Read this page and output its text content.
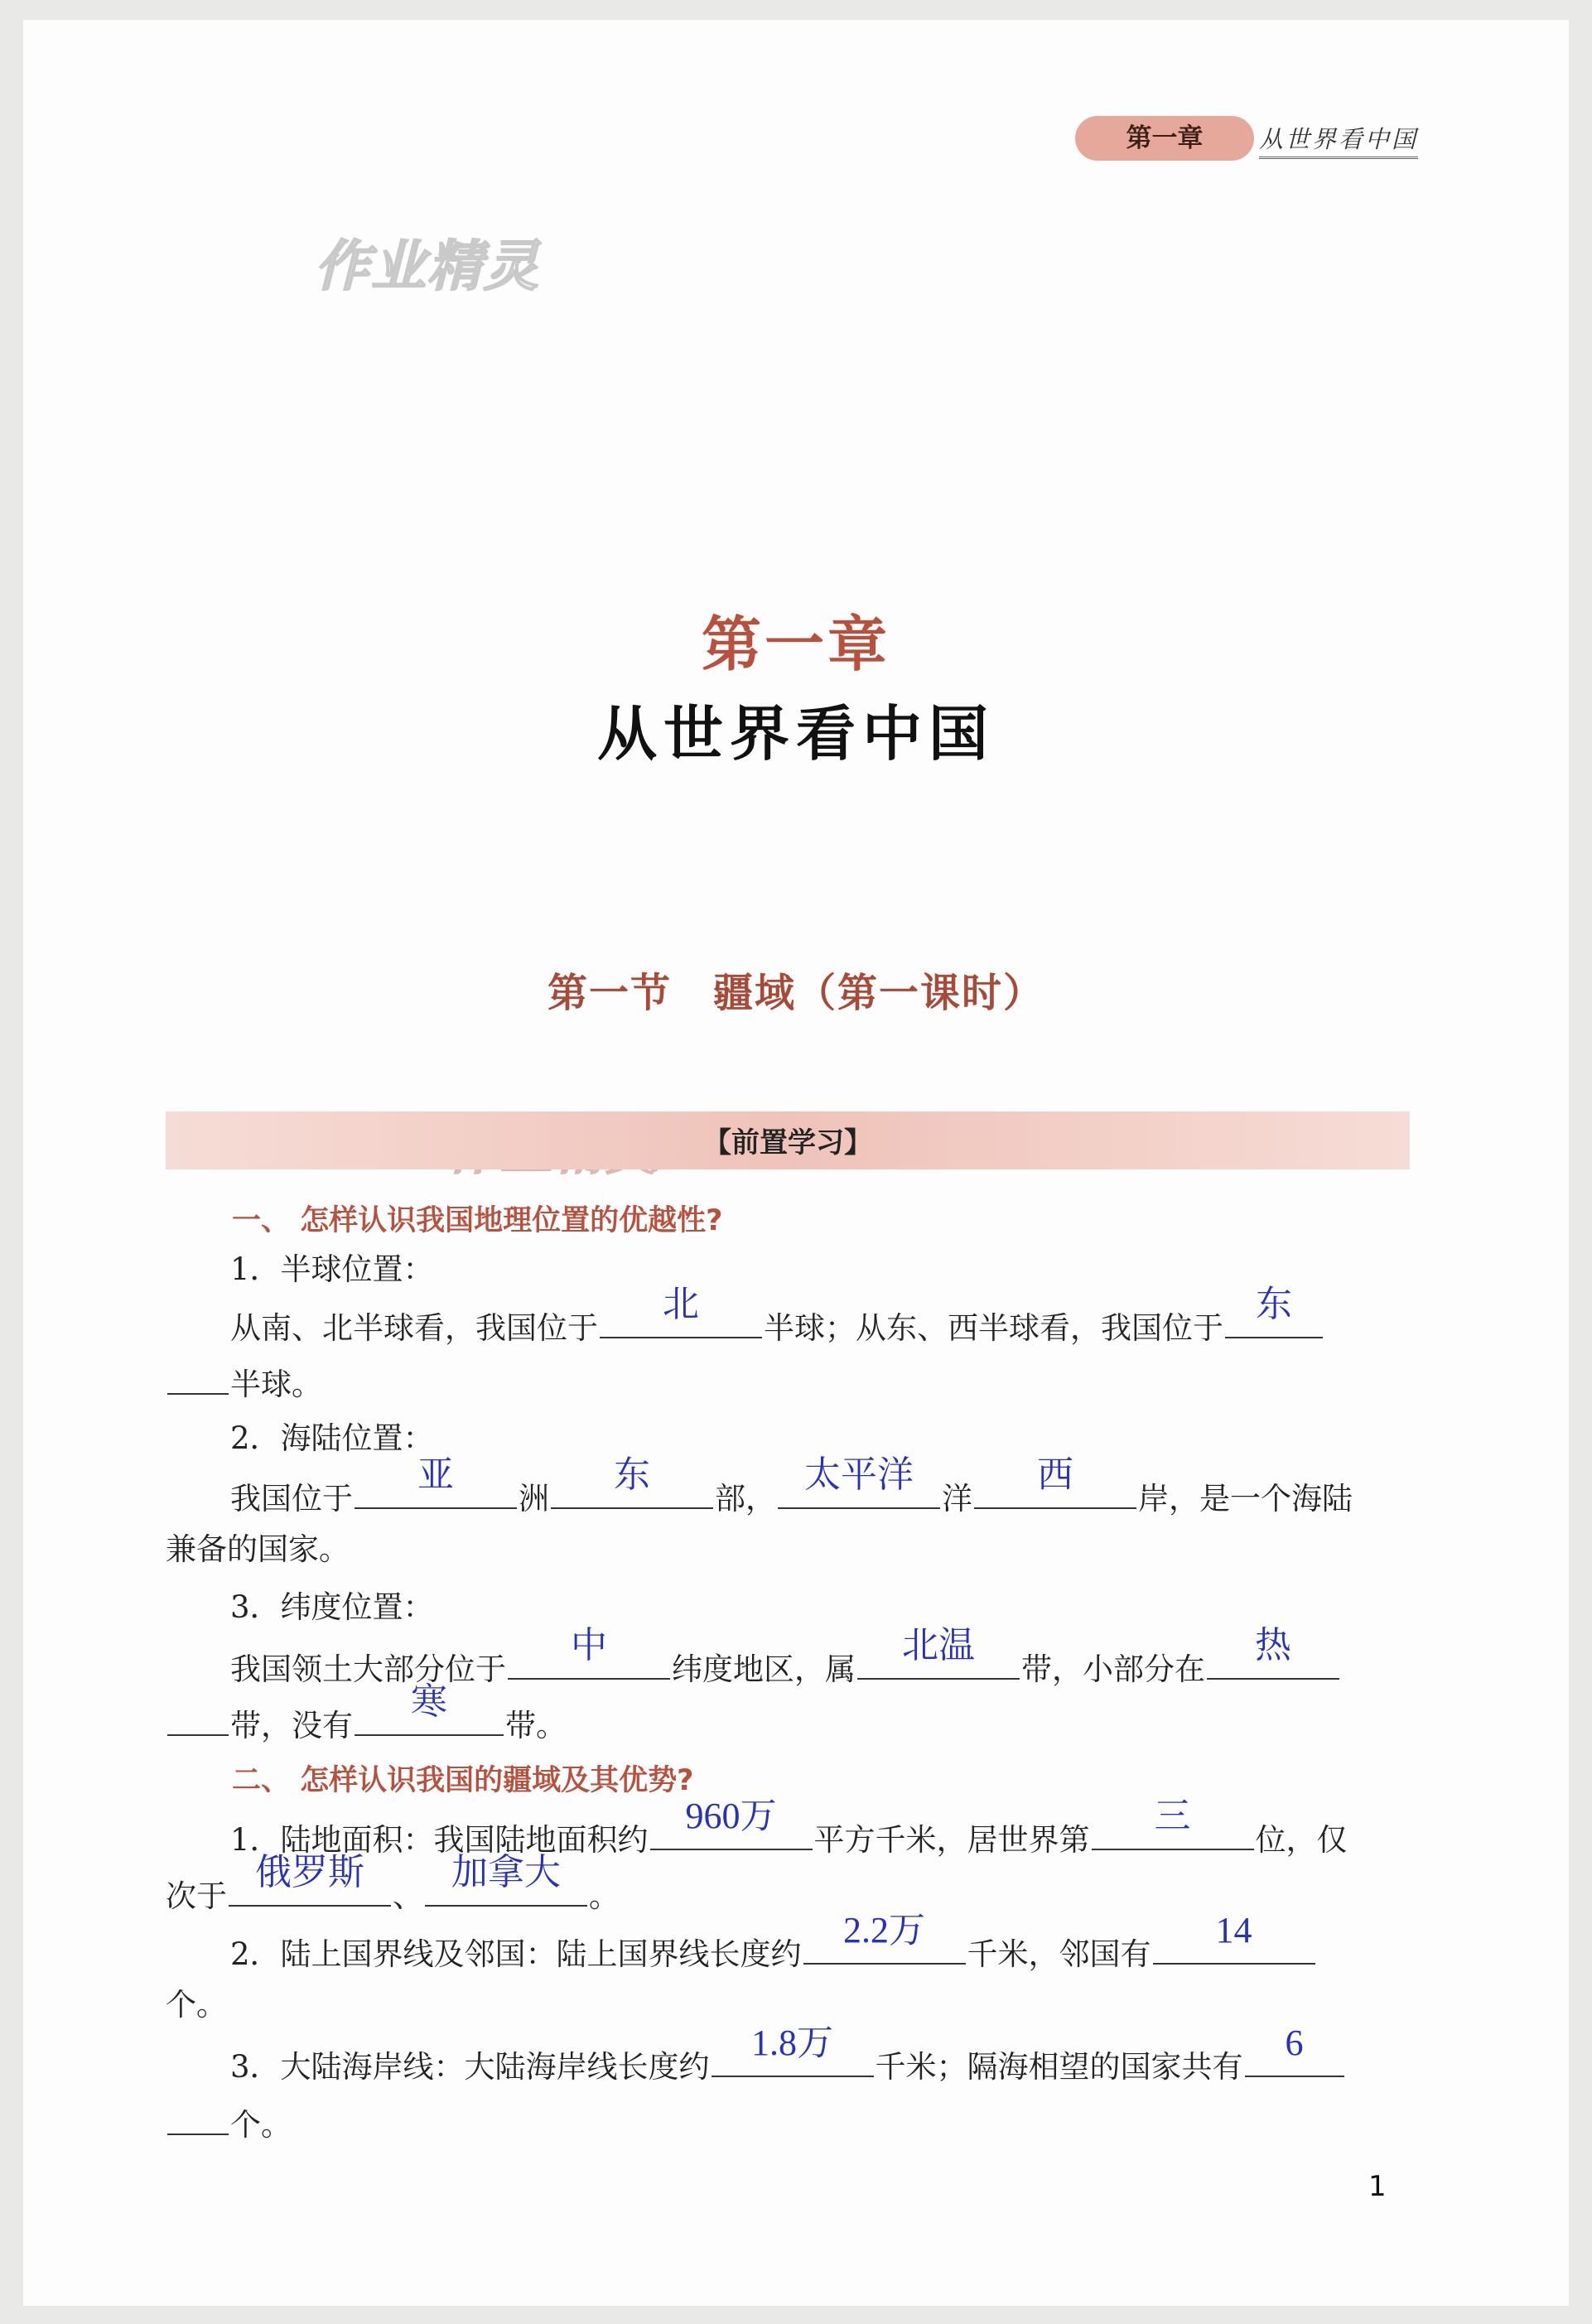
第一章	从世界看中国
作业精灵
第一章
从世界看中国
第一节　疆域（第一课时）
【前置学习】
一、 怎样认识我国地理位置的优越性?
1．半球位置：
从南、北半球看，我国位于
北
半球；从东、西半球看，我国位于
东
半球。
2．海陆位置：
我国位于
亚
洲
东
部，
太平洋
洋
西
岸，是一个海陆
兼备的国家。
3．纬度位置：
我国领土大部分位于
中
纬度地区，属
北温
带，小部分在
热
带，没有
寒
带。
二、 怎样认识我国的疆域及其优势?
1．陆地面积：我国陆地面积约
960万
平方千米，居世界第
三
位，仅
次于
俄罗斯
、
加拿大
。
2．陆上国界线及邻国：陆上国界线长度约
2.2万
千米，邻国有
14
个。
3．大陆海岸线：大陆海岸线长度约
1.8万
千米；隔海相望的国家共有
6
个。
1
